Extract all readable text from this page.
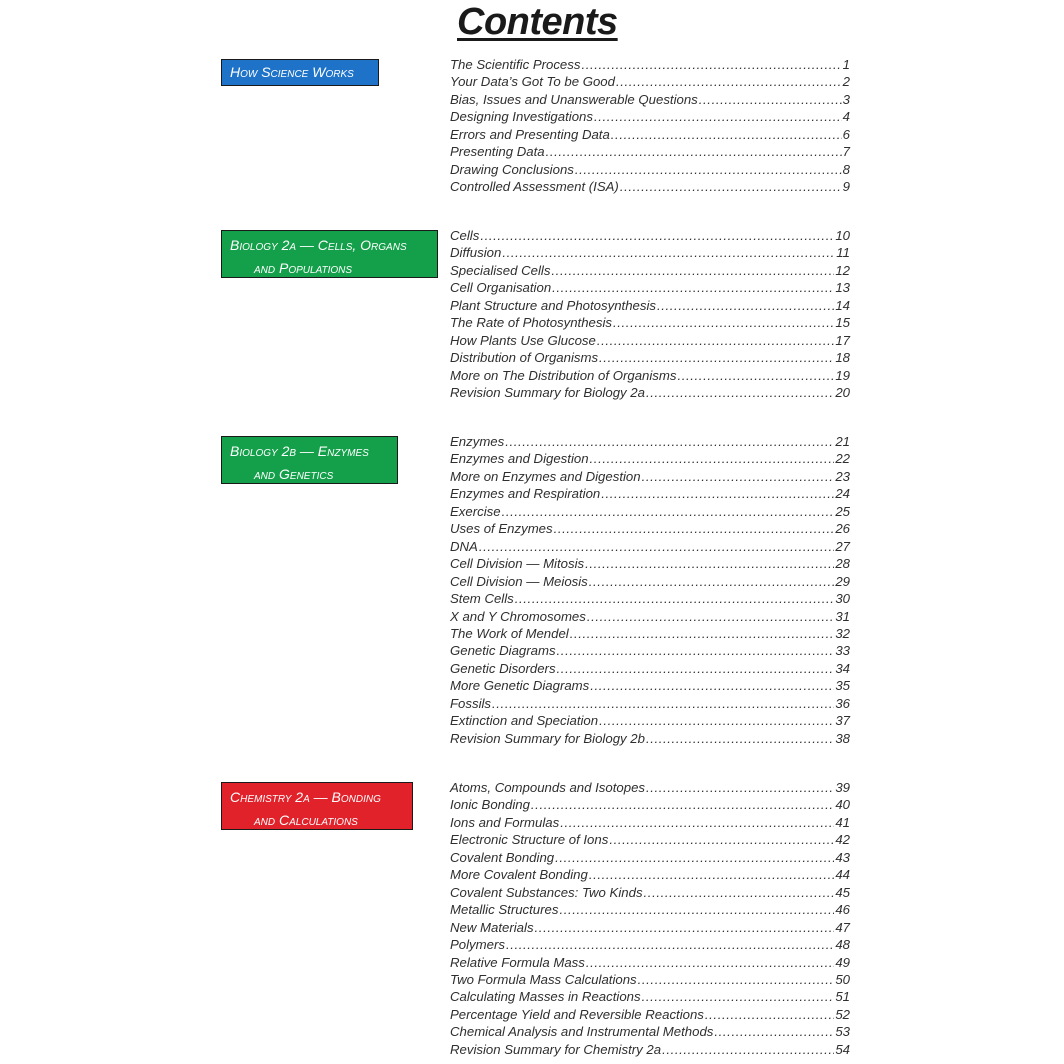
Contents
How Science Works	The Scientific Process .....	1
Your Data’s Got To be Good .....	2
Bias, Issues and Unanswerable Questions .....	3
Designing Investigations .....	4
Errors and Presenting Data .....	6
Presenting Data .....	7
Drawing Conclusions .....	8
Controlled Assessment (ISA) .....	9
Biology 2a — Cells, Organs
and Populations
Cells .....	10
Diffusion .....	11
Specialised Cells .....	12
Cell Organisation .....	13
Plant Structure and Photosynthesis .....	14
The Rate of Photosynthesis .....	15
How Plants Use Glucose .....	17
Distribution of Organisms .....	18
More on The Distribution of Organisms .....	19
Revision Summary for Biology 2a .....	20
Biology 2b — Enzymes
and Genetics
Enzymes .....	21
Enzymes and Digestion .....	22
More on Enzymes and Digestion .....	23
Enzymes and Respiration .....	24
Exercise .....	25
Uses of Enzymes .....	26
DNA .....	27
Cell Division — Mitosis .....	28
Cell Division — Meiosis .....	29
Stem Cells .....	30
X and Y Chromosomes .....	31
The Work of Mendel .....	32
Genetic Diagrams .....	33
Genetic Disorders .....	34
More Genetic Diagrams .....	35
Fossils .....	36
Extinction and Speciation .....	37
Revision Summary for Biology 2b .....	38
Chemistry 2a — Bonding
and Calculations
Atoms, Compounds and Isotopes .....	39
Ionic Bonding .....	40
Ions and Formulas .....	41
Electronic Structure of Ions .....	42
Covalent Bonding .....	43
More Covalent Bonding .....	44
Covalent Substances: Two Kinds .....	45
Metallic Structures .....	46
New Materials .....	47
Polymers .....	48
Relative Formula Mass .....	49
Two Formula Mass Calculations .....	50
Calculating Masses in Reactions .....	51
Percentage Yield and Reversible Reactions .....	52
Chemical Analysis and Instrumental Methods .....	53
Revision Summary for Chemistry 2a .....	54
